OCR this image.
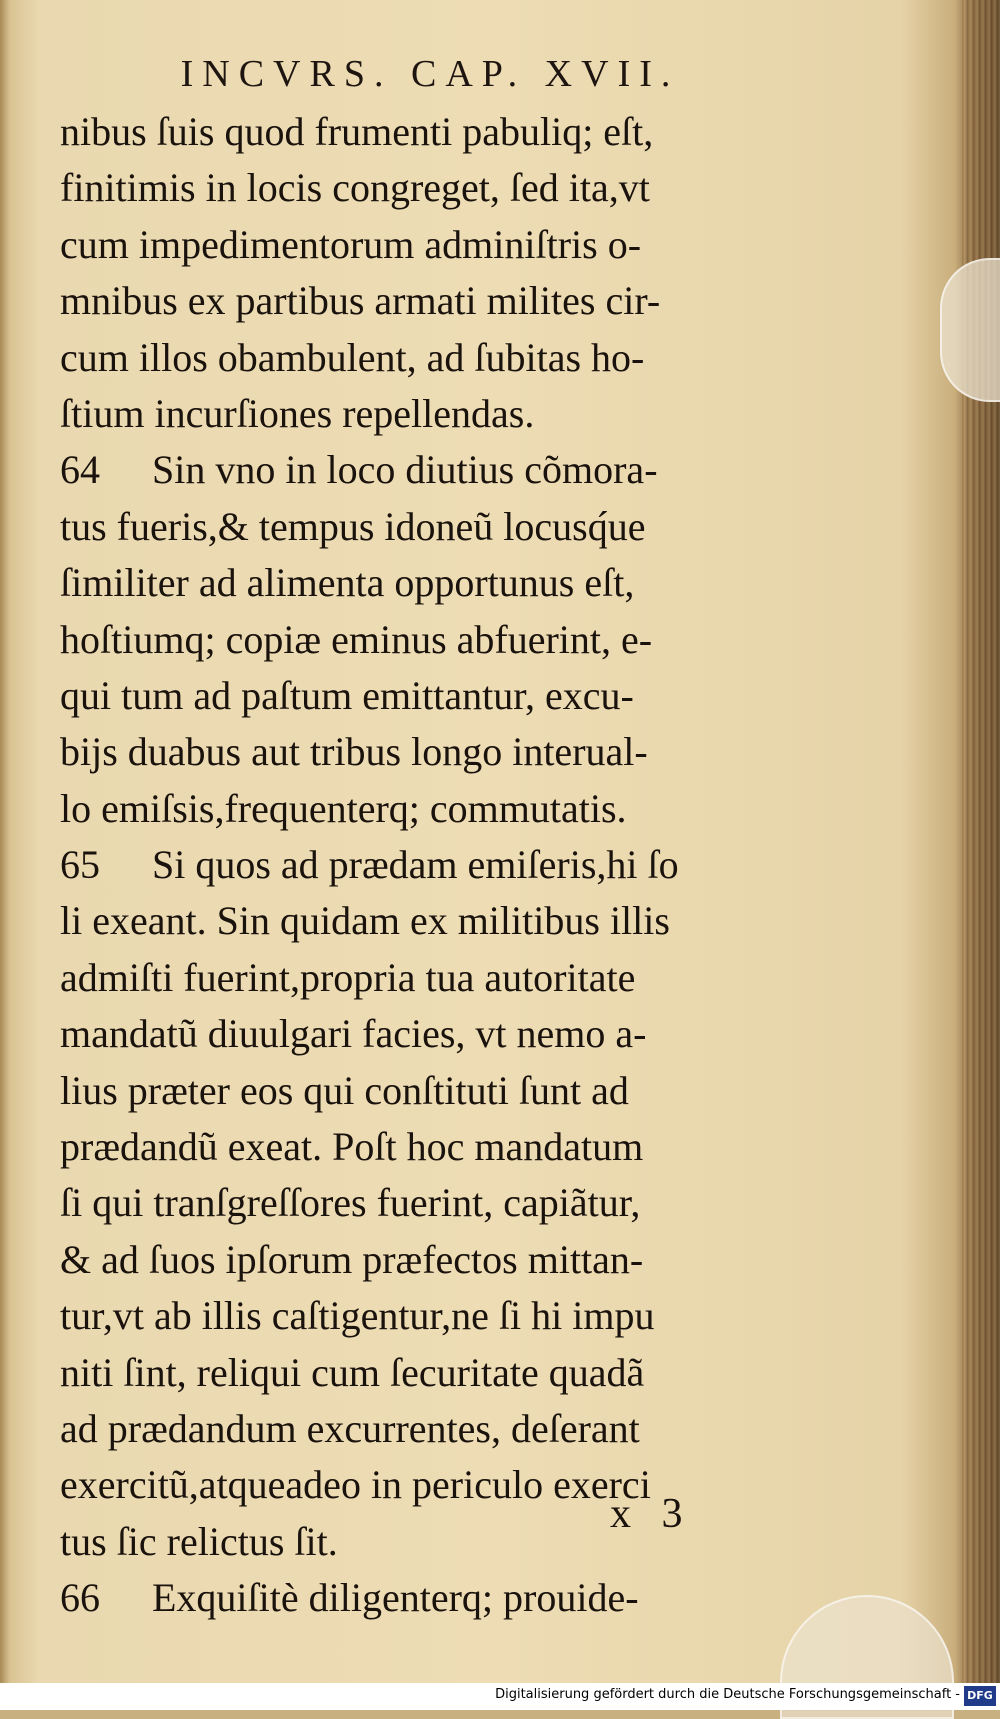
INCVRS. CAP. XVII.
nibus ſuis quod frumenti pabuliq; eſt,
finitimis in locis congreget, ſed ita,vt
cum impedimentorum adminiſtris o-
mnibus ex partibus armati milites cir-
cum illos obambulent, ad ſubitas ho-
ſtium incurſiones repellendas.
64 Sin vno in loco diutius cõmora-
tus fueris,& tempus idoneũ locusq́ue
ſimiliter ad alimenta opportunus eſt,
hoſtiumq; copiæ eminus abfuerint, e-
qui tum ad paſtum emittantur, excu-
bijs duabus aut tribus longo interual-
lo emiſsis,frequenterq; commutatis.
65 Si quos ad prædam emiſeris,hi ſo
li exeant. Sin quidam ex militibus illis
admiſti fuerint,propria tua autoritate
mandatũ diuulgari facies, vt nemo a-
lius præter eos qui conſtituti ſunt ad
prædandũ exeat. Poſt hoc mandatum
ſi qui tranſgreſſores fuerint, capiãtur,
& ad ſuos ipſorum præfectos mittan-
tur,vt ab illis caſtigentur,ne ſi hi impu
niti ſint, reliqui cum ſecuritate quadã
ad prædandum excurrentes, deſerant
exercitũ,atqueadeo in periculo exerci
tus ſic relictus ſit.
66 Exquiſitè diligenterq; prouide-
x 3
Digitalisierung gefördert durch die Deutsche Forschungsgemeinschaft - DFG
